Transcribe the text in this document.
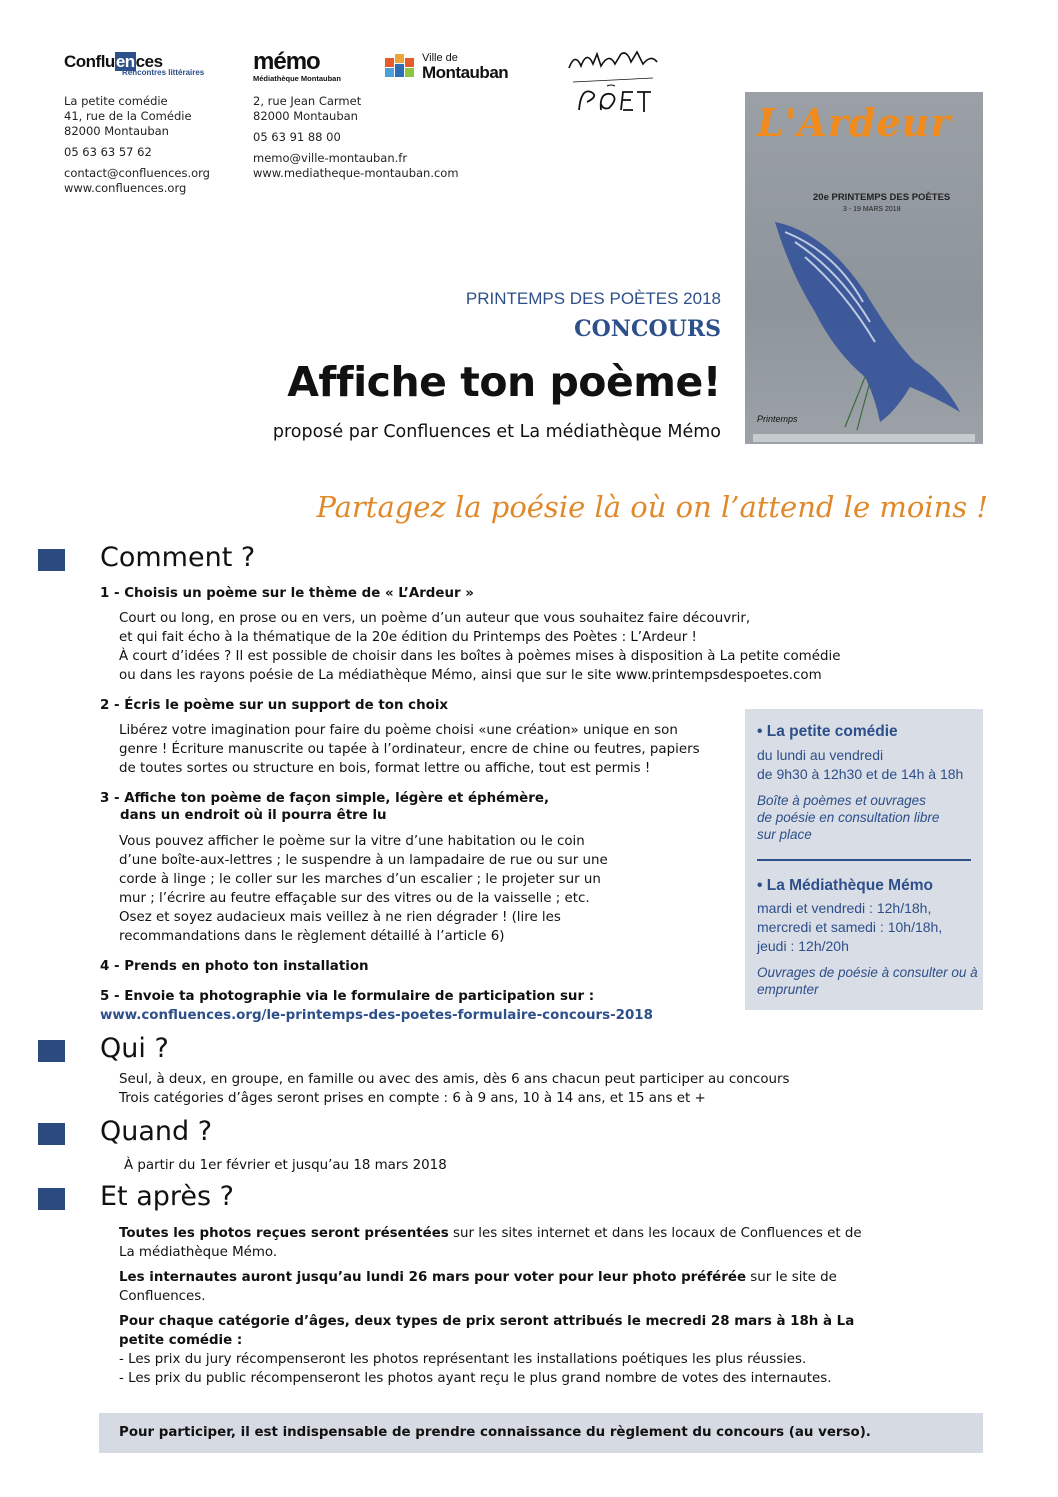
Confluences
Rencontres littéraires mémo
Médiathèque Montauban
Ville de
Montauban
La petite comédie
41, rue de la Comédie
82000 Montauban
05 63 63 57 62
contact@confluences.org
www.confluences.org
2, rue Jean Carmet
82000 Montauban
05 63 91 88 00
memo@ville-montauban.fr
www.mediatheque-montauban.com
L'Ardeur
20e PRINTEMPS DES POÈTES
3 - 19 MARS 2018
Printemps
PRINTEMPS DES POÈTES 2018
CONCOURS
Affiche ton poème!
proposé par Confluences et La médiathèque Mémo
Partagez la poésie là où on l’attend le moins !
Comment ?
1 - Choisis un poème sur le thème de « L’Ardeur »
Court ou long, en prose ou en vers, un poème d’un auteur que vous souhaitez faire découvrir,
et qui fait écho à la thématique de la 20e édition du Printemps des Poètes : L’Ardeur !
À court d’idées ? Il est possible de choisir dans les boîtes à poèmes mises à disposition à La petite comédie
ou dans les rayons poésie de La médiathèque Mémo, ainsi que sur le site www.printempsdespoetes.com
2 - Écris le poème sur un support de ton choix
Libérez votre imagination pour faire du poème choisi «une création» unique en son
genre ! Écriture manuscrite ou tapée à l’ordinateur, encre de chine ou feutres, papiers
de toutes sortes ou structure en bois, format lettre ou affiche, tout est permis !
3 - Affiche ton poème de façon simple, légère et éphémère,
dans un endroit où il pourra être lu
Vous pouvez afficher le poème sur la vitre d’une habitation ou le coin
d’une boîte-aux-lettres ; le suspendre à un lampadaire de rue ou sur une
corde à linge ; le coller sur les marches d’un escalier ; le projeter sur un
mur ; l’écrire au feutre effaçable sur des vitres ou de la vaisselle ; etc.
Osez et soyez audacieux mais veillez à ne rien dégrader ! (lire les
recommandations dans le règlement détaillé à l’article 6)
4 - Prends en photo ton installation
5 - Envoie ta photographie via le formulaire de participation sur :
www.confluences.org/le-printemps-des-poetes-formulaire-concours-2018
• La petite comédie
du lundi au vendredi
de 9h30 à 12h30 et de 14h à 18h
Boîte à poèmes et ouvrages
de poésie en consultation libre
sur place
• La Médiathèque Mémo
mardi et vendredi : 12h/18h,
mercredi et samedi : 10h/18h,
jeudi : 12h/20h
Ouvrages de poésie à consulter ou à
emprunter
Qui ?
Seul, à deux, en groupe, en famille ou avec des amis, dès 6 ans chacun peut participer au concours
Trois catégories d’âges seront prises en compte : 6 à 9 ans, 10 à 14 ans, et 15 ans et +
Quand ?
À partir du 1er février et jusqu’au 18 mars 2018
Et après ?
Toutes les photos reçues seront présentées sur les sites internet et dans les locaux de Confluences et de
La médiathèque Mémo.
Les internautes auront jusqu’au lundi 26 mars pour voter pour leur photo préférée sur le site de
Confluences.
Pour chaque catégorie d’âges, deux types de prix seront attribués le mecredi 28 mars à 18h à La
petite comédie :
- Les prix du jury récompenseront les photos représentant les installations poétiques les plus réussies.
- Les prix du public récompenseront les photos ayant reçu le plus grand nombre de votes des internautes.
Pour participer, il est indispensable de prendre connaissance du règlement du concours (au verso).
